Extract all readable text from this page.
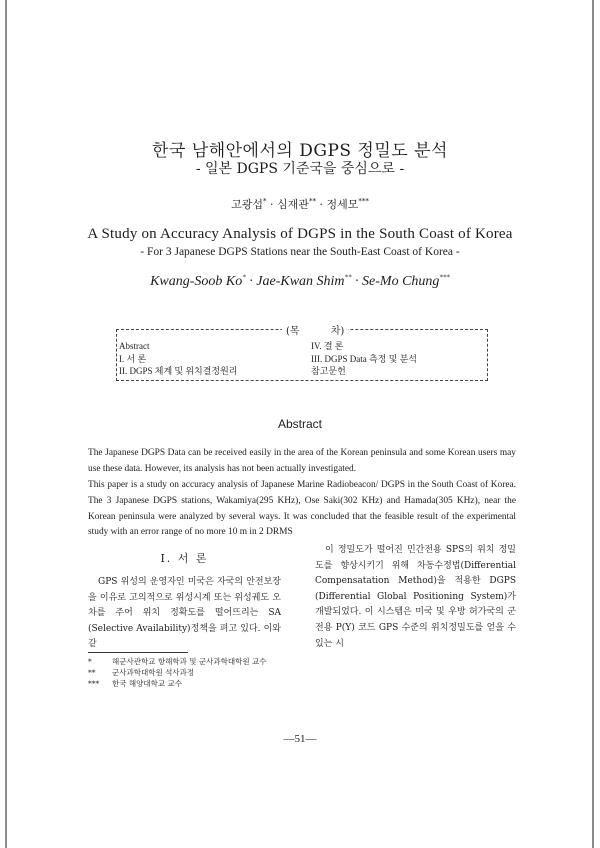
한국 남해안에서의 DGPS 정밀도 분석
- 일본 DGPS 기준국을 중심으로 -
고광섭* · 심재관** · 정세모***
A Study on Accuracy Analysis of DGPS in the South Coast of Korea
- For 3 Japanese DGPS Stations near the South-East Coast of Korea -
Kwang-Soob Ko* · Jae-Kwan Shim** · Se-Mo Chung***
(목 차)
Abstract
I. 서 론
II. DGPS 체계 및 위치결정원리
IV. 결 론
III. DGPS Data 측정 및 분석
참고문헌
Abstract
The Japanese DGPS Data can be received easily in the area of the Korean peninsula and some Korean users may use these data. However, its analysis has not been actually investigated.
This paper is a study on accuracy analysis of Japanese Marine Radiobeacon/ DGPS in the South Coast of Korea. The 3 Japanese DGPS stations, Wakamiya(295 KHz), Ose Saki(302 KHz) and Hamada(305 KHz), near the Korean peninsula were analyzed by several ways. It was concluded that the feasible result of the experimental study with an error range of no more 10 m in 2 DRMS
I. 서 론
GPS 위성의 운영자인 미국은 자국의 안전보장을 이유로 고의적으로 위성시계 또는 위성궤도 오차를 주어 위치 정확도를 떨어뜨리는 SA (Selective Availability)정책을 펴고 있다. 이와 같
이 정밀도가 떨어진 민간전용 SPS의 위치 정밀도를 향상시키기 위해 차동수정법(Differential Compensatation Method)을 적용한 DGPS (Differential Global Positioning System)가 개발되었다. 이 시스템은 미국 및 우방 허가국의 군전용 P(Y) 코드 GPS 수준의 위치정밀도를 얻을 수 있는 시
*	해군사관학교 항해학과 및 군사과학대학원 교수
** 군사과학대학원 석사과정
*** 한국 해양대학교 교수
—51—
